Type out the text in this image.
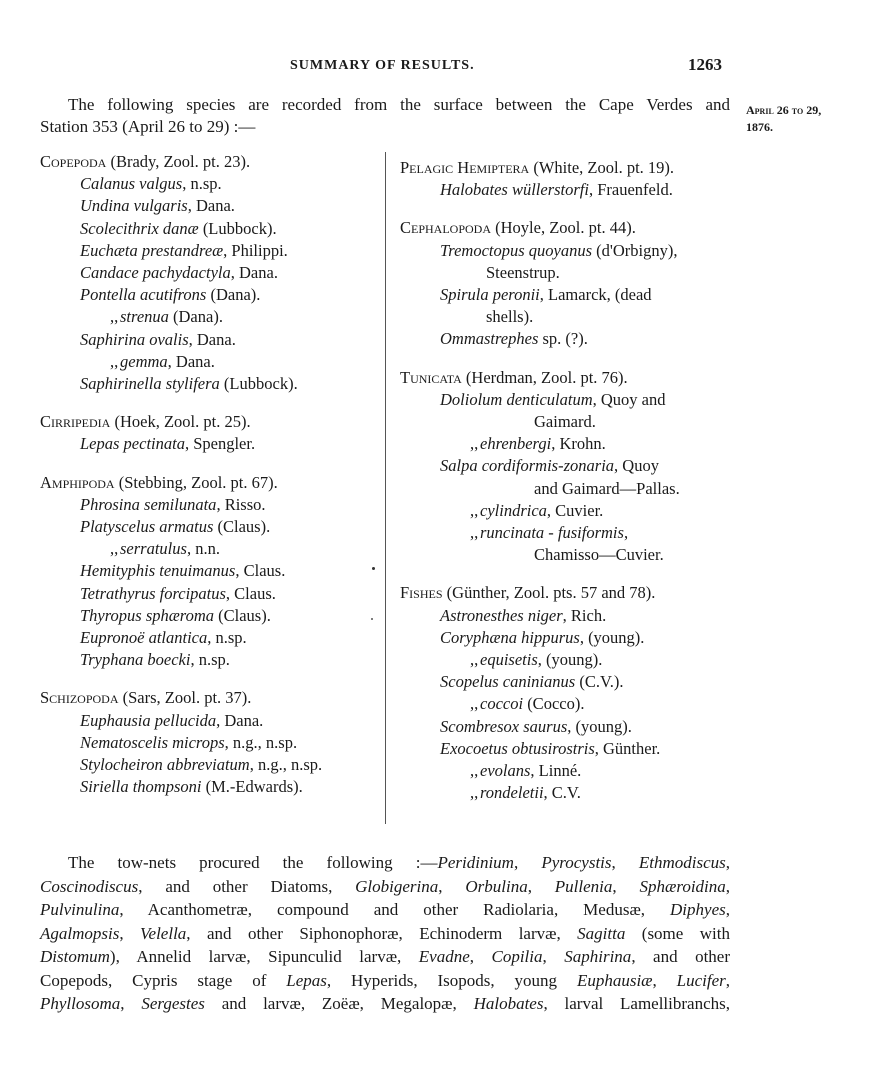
SUMMARY OF RESULTS.	1263
April 26 to 29,
1876.
The following species are recorded from the surface between the Cape Verdes and
Station 353 (April 26 to 29) :—
Copepoda (Brady, Zool. pt. 23).
Calanus valgus, n.sp.
Undina vulgaris, Dana.
Scolecithrix danæ (Lubbock).
Euchæta prestandreæ, Philippi.
Candace pachydactyla, Dana.
Pontella acutifrons (Dana).
,, strenua (Dana).
Saphirina ovalis, Dana.
,, gemma, Dana.
Saphirinella stylifera (Lubbock).
Cirripedia (Hoek, Zool. pt. 25).
Lepas pectinata, Spengler.
Amphipoda (Stebbing, Zool. pt. 67).
Phrosina semilunata, Risso.
Platyscelus armatus (Claus).
,, serratulus, n.n.
Hemityphis tenuimanus, Claus.
Tetrathyrus forcipatus, Claus.
Thyropus sphæroma (Claus).
Eupronoë atlantica, n.sp.
Tryphana boecki, n.sp.
Schizopoda (Sars, Zool. pt. 37).
Euphausia pellucida, Dana.
Nematoscelis microps, n.g., n.sp.
Stylocheiron abbreviatum, n.g., n.sp.
Siriella thompsoni (M.-Edwards).
Pelagic Hemiptera (White, Zool. pt. 19).
Halobates wüllerstorfi, Frauenfeld.
Cephalopoda (Hoyle, Zool. pt. 44).
Tremoctopus quoyanus (d'Orbigny),
Steenstrup.
Spirula peronii, Lamarck, (dead
shells).
Ommastrephes sp. (?).
Tunicata (Herdman, Zool. pt. 76).
Doliolum denticulatum, Quoy and
Gaimard.
,, ehrenbergi, Krohn.
Salpa cordiformis-zonaria, Quoy
and Gaimard—Pallas.
,, cylindrica, Cuvier.
,, runcinata - fusiformis,
Chamisso—Cuvier.
Fishes (Günther, Zool. pts. 57 and 78).
Astronesthes niger, Rich.
Coryphæna hippurus, (young).
,, equisetis, (young).
Scopelus caninianus (C.V.).
,, coccoi (Cocco).
Scombresox saurus, (young).
Exocoetus obtusirostris, Günther.
,, evolans, Linné.
,, rondeletii, C.V.
The tow-nets procured the following :—Peridinium, Pyrocystis, Ethmodiscus,
Coscinodiscus, and other Diatoms, Globigerina, Orbulina, Pullenia, Sphæroidina,
Pulvinulina, Acanthometræ, compound and other Radiolaria, Medusæ, Diphyes,
Agalmopsis, Velella, and other Siphonophoræ, Echinoderm larvæ, Sagitta (some with
Distomum), Annelid larvæ, Sipunculid larvæ, Evadne, Copilia, Saphirina, and other
Copepods, Cypris stage of Lepas, Hyperids, Isopods, young Euphausiæ, Lucifer,
Phyllosoma, Sergestes and larvæ, Zoëæ, Megalopæ, Halobates, larval Lamellibranchs,
